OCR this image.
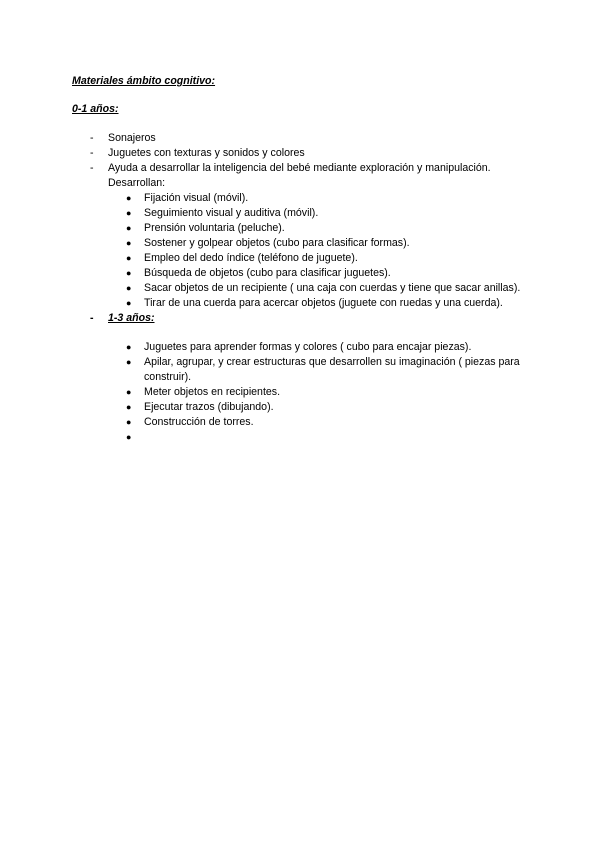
Materiales ámbito cognitivo:
0-1 años:
- Sonajeros
- Juguetes con texturas y sonidos y colores
- Ayuda a desarrollar la inteligencia del bebé mediante exploración y manipulación. Desarrollan:
● Fijación visual (móvil).
● Seguimiento visual y auditiva (móvil).
● Prensión voluntaria (peluche).
● Sostener y golpear objetos (cubo para clasificar formas).
● Empleo del dedo índice (teléfono de juguete).
● Búsqueda de objetos (cubo para clasificar juguetes).
● Sacar objetos de un recipiente ( una caja con cuerdas y tiene que sacar anillas).
● Tirar de una cuerda para acercar objetos (juguete con ruedas y una cuerda).
- 1-3 años:
● Juguetes para aprender formas y colores ( cubo para encajar piezas).
● Apilar, agrupar, y crear estructuras que desarrollen su imaginación ( piezas para construir).
● Meter objetos en recipientes.
● Ejecutar trazos (dibujando).
● Construcción de torres.
●
